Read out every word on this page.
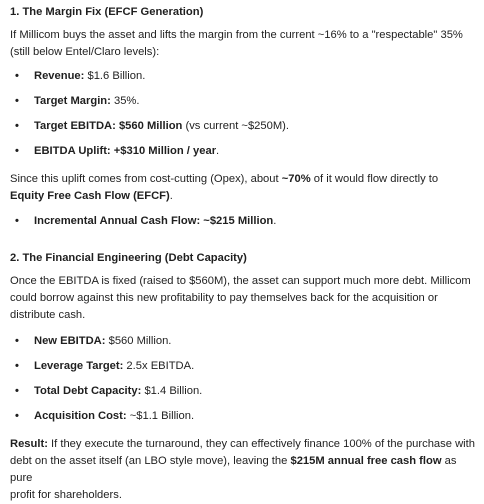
1. The Margin Fix (EFCF Generation)

If Millicom buys the asset and lifts the margin from the current ~16% to a "respectable" 35%
(still below Entel/Claro levels):

• Revenue: $1.6 Billion.
• Target Margin: 35%.
• Target EBITDA: $560 Million (vs current ~$250M).
• EBITDA Uplift: +$310 Million / year.

Since this uplift comes from cost-cutting (Opex), about ~70% of it would flow directly to
Equity Free Cash Flow (EFCF).

• Incremental Annual Cash Flow: ~$215 Million.
2. The Financial Engineering (Debt Capacity)

Once the EBITDA is fixed (raised to $560M), the asset can support much more debt. Millicom
could borrow against this new profitability to pay themselves back for the acquisition or
distribute cash.

• New EBITDA: $560 Million.
• Leverage Target: 2.5x EBITDA.
• Total Debt Capacity: $1.4 Billion.
• Acquisition Cost: ~$1.1 Billion.

Result: If they execute the turnaround, they can effectively finance 100% of the purchase with
debt on the asset itself (an LBO style move), leaving the $215M annual free cash flow as pure
profit for shareholders.
